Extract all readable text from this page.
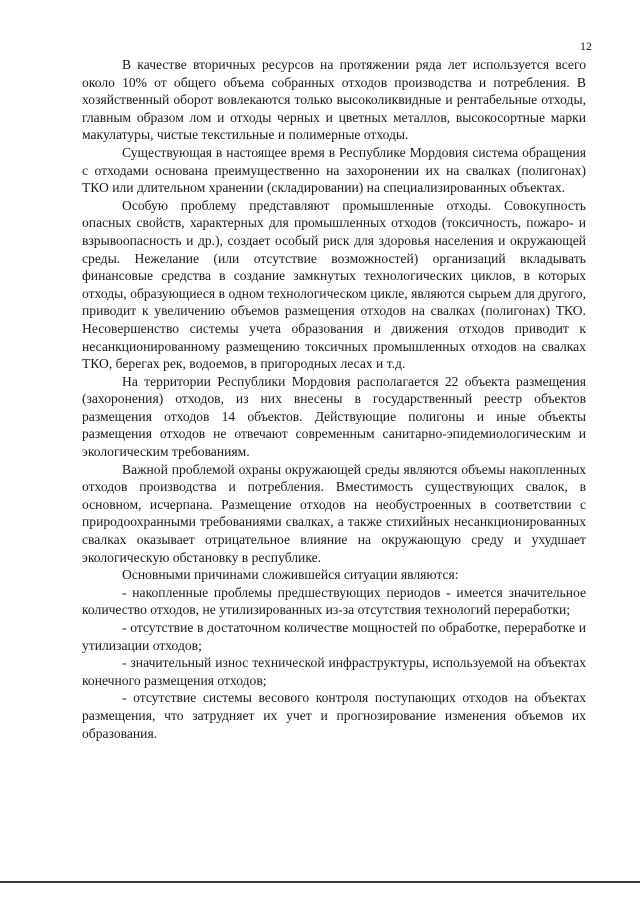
12

В качестве вторичных ресурсов на протяжении ряда лет используется всего около 10% от общего объема собранных отходов производства и потребления. В хозяйственный оборот вовлекаются только высоколиквидные и рентабельные отходы, главным образом лом и отходы черных и цветных металлов, высокосортные марки макулатуры, чистые текстильные и полимерные отходы.

Существующая в настоящее время в Республике Мордовия система обращения с отходами основана преимущественно на захоронении их на свалках (полигонах) ТКО или длительном хранении (складировании) на специализированных объектах.

Особую проблему представляют промышленные отходы. Совокупность опасных свойств, характерных для промышленных отходов (токсичность, пожаро- и взрывоопасность и др.), создает особый риск для здоровья населения и окружающей среды. Нежелание (или отсутствие возможностей) организаций вкладывать финансовые средства в создание замкнутых технологических циклов, в которых отходы, образующиеся в одном технологическом цикле, являются сырьем для другого, приводит к увеличению объемов размещения отходов на свалках (полигонах) ТКО. Несовершенство системы учета образования и движения отходов приводит к несанкционированному размещению токсичных промышленных отходов на свалках ТКО, берегах рек, водоемов, в пригородных лесах и т.д.

На территории Республики Мордовия располагается 22 объекта размещения (захоронения) отходов, из них внесены в государственный реестр объектов размещения отходов 14 объектов. Действующие полигоны и иные объекты размещения отходов не отвечают современным санитарно-эпидемиологическим и экологическим требованиям.

Важной проблемой охраны окружающей среды являются объемы накопленных отходов производства и потребления. Вместимость существующих свалок, в основном, исчерпана. Размещение отходов на необустроенных в соответствии с природоохранными требованиями свалках, а также стихийных несанкционированных свалках оказывает отрицательное влияние на окружающую среду и ухудшает экологическую обстановку в республике.

Основными причинами сложившейся ситуации являются:

- накопленные проблемы предшествующих периодов - имеется значительное количество отходов, не утилизированных из-за отсутствия технологий переработки;

- отсутствие в достаточном количестве мощностей по обработке, переработке и утилизации отходов;

- значительный износ технической инфраструктуры, используемой на объектах конечного размещения отходов;

- отсутствие системы весового контроля поступающих отходов на объектах размещения, что затрудняет их учет и прогнозирование изменения объемов их образования.
